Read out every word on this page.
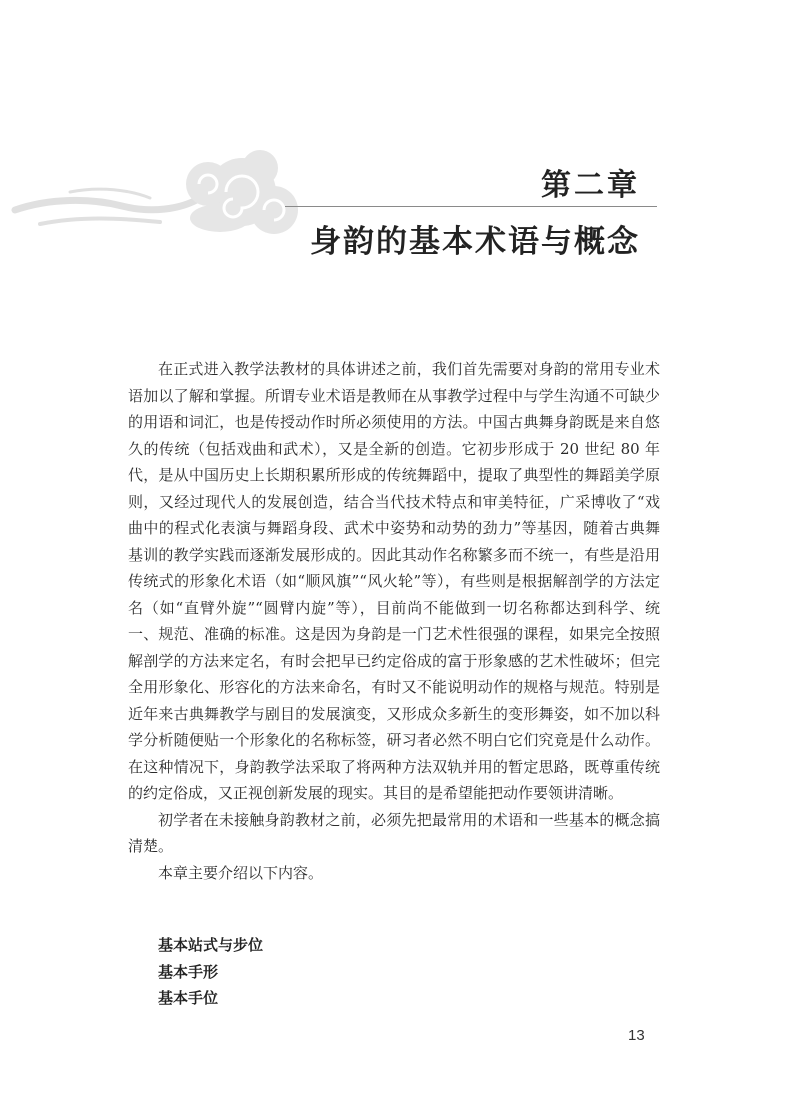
第二章
身韵的基本术语与概念

在正式进入教学法教材的具体讲述之前，我们首先需要对身韵的常用专业术语加以了解和掌握。所谓专业术语是教师在从事教学过程中与学生沟通不可缺少的用语和词汇，也是传授动作时所必须使用的方法。中国古典舞身韵既是来自悠久的传统（包括戏曲和武术），又是全新的创造。它初步形成于 20 世纪 80 年代，是从中国历史上长期积累所形成的传统舞蹈中，提取了典型性的舞蹈美学原则，又经过现代人的发展创造，结合当代技术特点和审美特征，广采博收了“戏曲中的程式化表演与舞蹈身段、武术中姿势和动势的劲力”等基因，随着古典舞基训的教学实践而逐渐发展形成的。因此其动作名称繁多而不统一，有些是沿用传统式的形象化术语（如“顺风旗”“风火轮”等），有些则是根据解剖学的方法定名（如“直臂外旋”“圆臂内旋”等），目前尚不能做到一切名称都达到科学、统一、规范、准确的标准。这是因为身韵是一门艺术性很强的课程，如果完全按照解剖学的方法来定名，有时会把早已约定俗成的富于形象感的艺术性破坏；但完全用形象化、形容化的方法来命名，有时又不能说明动作的规格与规范。特别是近年来古典舞教学与剧目的发展演变，又形成众多新生的变形舞姿，如不加以科学分析随便贴一个形象化的名称标签，研习者必然不明白它们究竟是什么动作。在这种情况下，身韵教学法采取了将两种方法双轨并用的暂定思路，既尊重传统的约定俗成，又正视创新发展的现实。其目的是希望能把动作要领讲清晰。

初学者在未接触身韵教材之前，必须先把最常用的术语和一些基本的概念搞清楚。

本章主要介绍以下内容。

基本站式与步位
基本手形
基本手位
13
